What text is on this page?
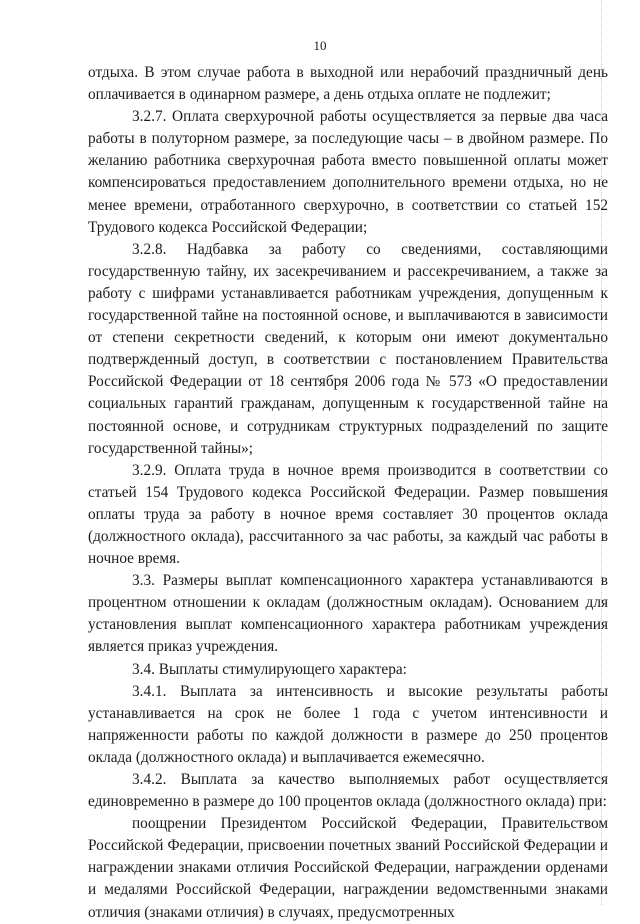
10

отдыха. В этом случае работа в выходной или нерабочий праздничный день оплачивается в одинарном размере, а день отдыха оплате не подлежит;

3.2.7. Оплата сверхурочной работы осуществляется за первые два часа работы в полуторном размере, за последующие часы – в двойном размере. По желанию работника сверхурочная работа вместо повышенной оплаты может компенсироваться предоставлением дополнительного времени отдыха, но не менее времени, отработанного сверхурочно, в соответствии со статьей 152 Трудового кодекса Российской Федерации;

3.2.8. Надбавка за работу со сведениями, составляющими государственную тайну, их засекречиванием и рассекречиванием, а также за работу с шифрами устанавливается работникам учреждения, допущенным к государственной тайне на постоянной основе, и выплачиваются в зависимости от степени секретности сведений, к которым они имеют документально подтвержденный доступ, в соответствии с постановлением Правительства Российской Федерации от 18 сентября 2006 года № 573 «О предоставлении социальных гарантий гражданам, допущенным к государственной тайне на постоянной основе, и сотрудникам структурных подразделений по защите государственной тайны»;

3.2.9. Оплата труда в ночное время производится в соответствии со статьей 154 Трудового кодекса Российской Федерации. Размер повышения оплаты труда за работу в ночное время составляет 30 процентов оклада (должностного оклада), рассчитанного за час работы, за каждый час работы в ночное время.

3.3. Размеры выплат компенсационного характера устанавливаются в процентном отношении к окладам (должностным окладам). Основанием для установления выплат компенсационного характера работникам учреждения является приказ учреждения.

3.4. Выплаты стимулирующего характера:

3.4.1. Выплата за интенсивность и высокие результаты работы устанавливается на срок не более 1 года с учетом интенсивности и напряженности работы по каждой должности в размере до 250 процентов оклада (должностного оклада) и выплачивается ежемесячно.

3.4.2. Выплата за качество выполняемых работ осуществляется единовременно в размере до 100 процентов оклада (должностного оклада) при:

поощрении Президентом Российской Федерации, Правительством Российской Федерации, присвоении почетных званий Российской Федерации и награждении знаками отличия Российской Федерации, награждении орденами и медалями Российской Федерации, награждении ведомственными знаками отличия (знаками отличия) в случаях, предусмотренных
